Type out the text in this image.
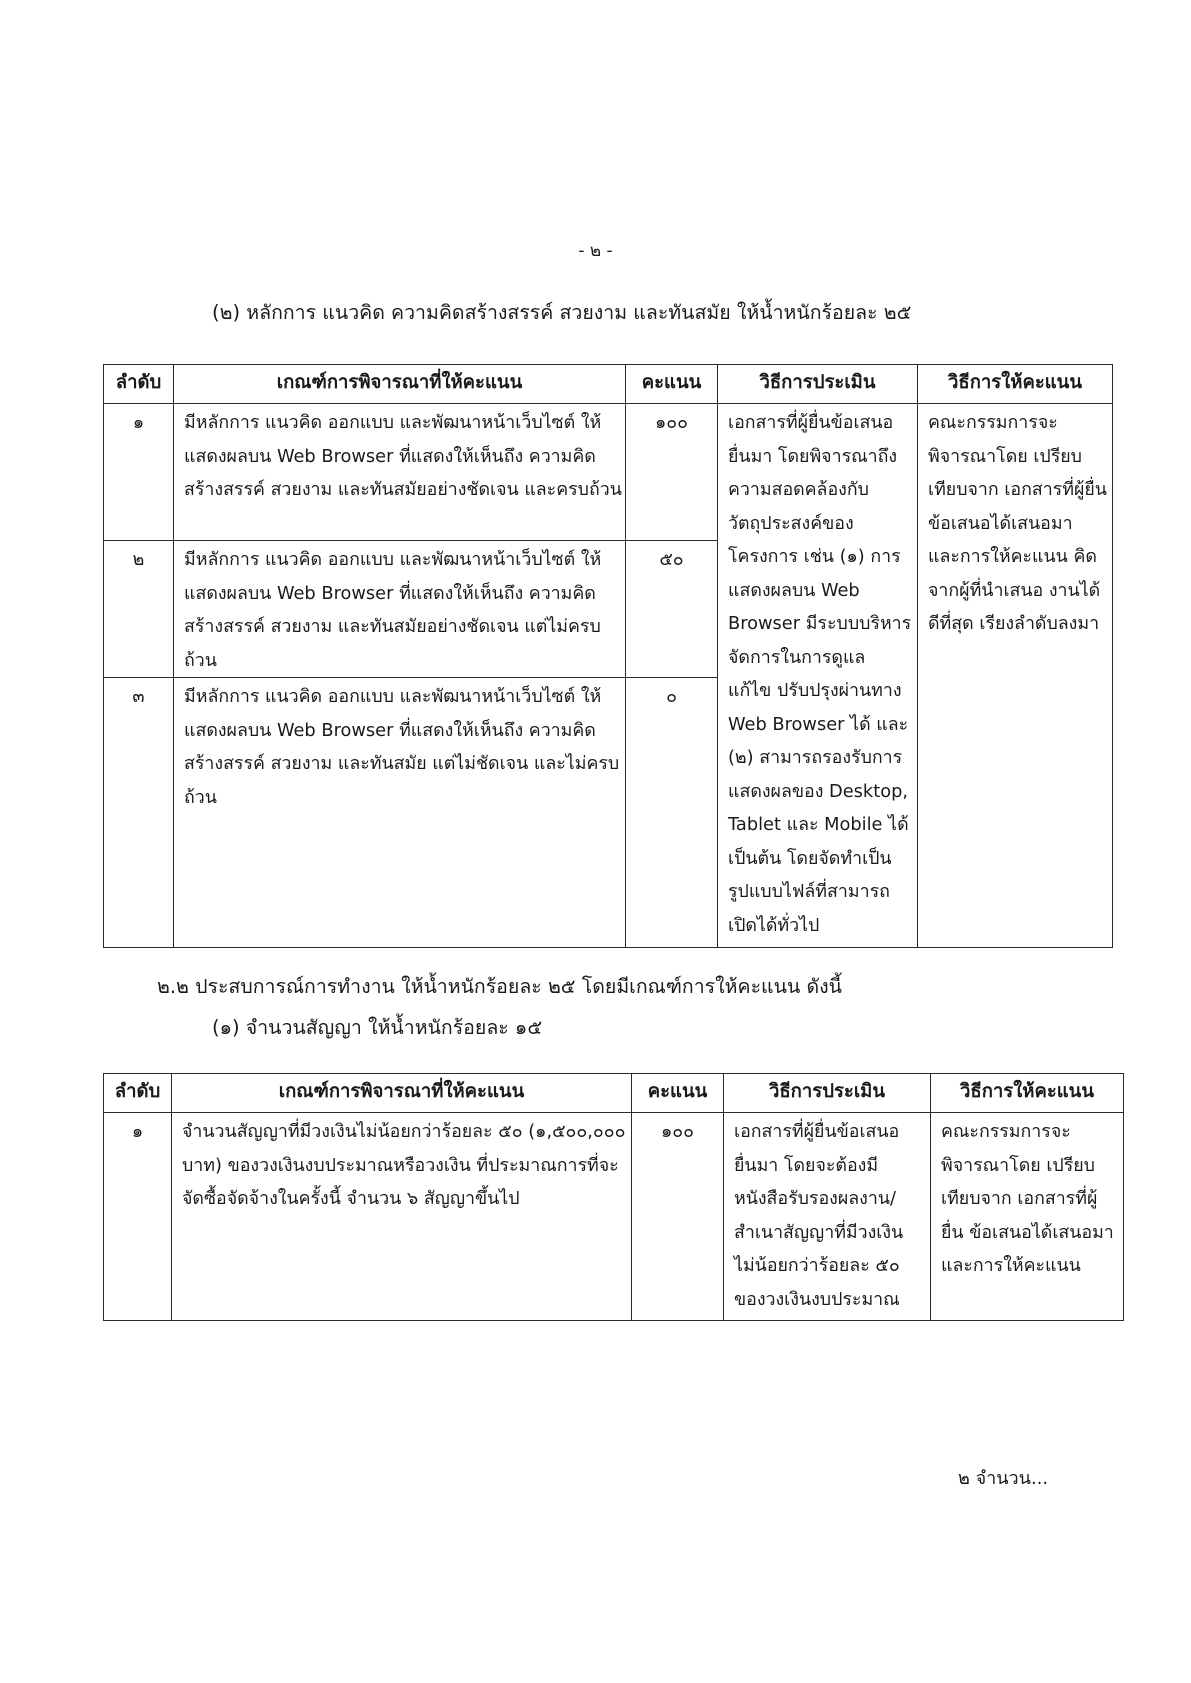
- ๒ -
(๒) หลักการ แนวคิด ความคิดสร้างสรรค์ สวยงาม และทันสมัย ให้น้ำหนักร้อยละ ๒๕
ลำดับ	เกณฑ์การพิจารณาที่ให้คะแนน	คะแนน	วิธีการประเมิน	วิธีการให้คะแนน
๑	มีหลักการ แนวคิด ออกแบบ และพัฒนาหน้าเว็บไซต์ ให้แสดงผลบน Web Browser ที่แสดงให้เห็นถึง ความคิดสร้างสรรค์ สวยงาม และทันสมัยอย่างชัดเจน และครบถ้วน	๑๐๐	เอกสารที่ผู้ยื่นข้อเสนอ ยื่นมา โดยพิจารณาถึง ความสอดคล้องกับ วัตถุประสงค์ของ โครงการ เช่น (๑) การ แสดงผลบน Web Browser มีระบบบริหาร จัดการในการดูแล แก้ไข ปรับปรุงผ่านทาง Web Browser ได้ และ (๒) สามารถรองรับการ แสดงผลของ Desktop, Tablet และ Mobile ได้ เป็นต้น โดยจัดทำเป็น รูปแบบไฟล์ที่สามารถ เปิดได้ทั่วไป	คณะกรรมการจะ พิจารณาโดย เปรียบเทียบจาก เอกสารที่ผู้ยื่น ข้อเสนอได้เสนอมา และการให้คะแนน คิดจากผู้ที่นำเสนอ งานได้ดีที่สุด เรียงลำดับลงมา
๒	มีหลักการ แนวคิด ออกแบบ และพัฒนาหน้าเว็บไซต์ ให้แสดงผลบน Web Browser ที่แสดงให้เห็นถึง ความคิดสร้างสรรค์ สวยงาม และทันสมัยอย่างชัดเจน แต่ไม่ครบถ้วน	๕๐		
๓	มีหลักการ แนวคิด ออกแบบ และพัฒนาหน้าเว็บไซต์ ให้แสดงผลบน Web Browser ที่แสดงให้เห็นถึง ความคิดสร้างสรรค์ สวยงาม และทันสมัย แต่ไม่ชัดเจน และไม่ครบถ้วน	๐		
๒.๒ ประสบการณ์การทำงาน ให้น้ำหนักร้อยละ ๒๕ โดยมีเกณฑ์การให้คะแนน ดังนี้
(๑) จำนวนสัญญา ให้น้ำหนักร้อยละ ๑๕
ลำดับ	เกณฑ์การพิจารณาที่ให้คะแนน	คะแนน	วิธีการประเมิน	วิธีการให้คะแนน
๑	จำนวนสัญญาที่มีวงเงินไม่น้อยกว่าร้อยละ ๕๐ (๑,๕๐๐,๐๐๐ บาท) ของวงเงินงบประมาณหรือวงเงิน ที่ประมาณการที่จะจัดซื้อจัดจ้างในครั้งนี้ จำนวน ๖ สัญญาขึ้นไป	๑๐๐	เอกสารที่ผู้ยื่นข้อเสนอ ยื่นมา โดยจะต้องมี หนังสือรับรองผลงาน/ สำเนาสัญญาที่มีวงเงิน ไม่น้อยกว่าร้อยละ ๕๐ ของวงเงินงบประมาณ	คณะกรรมการจะ พิจารณาโดย เปรียบเทียบจาก เอกสารที่ผู้ยื่น ข้อเสนอได้เสนอมา และการให้คะแนน
๒ จำนวน...
